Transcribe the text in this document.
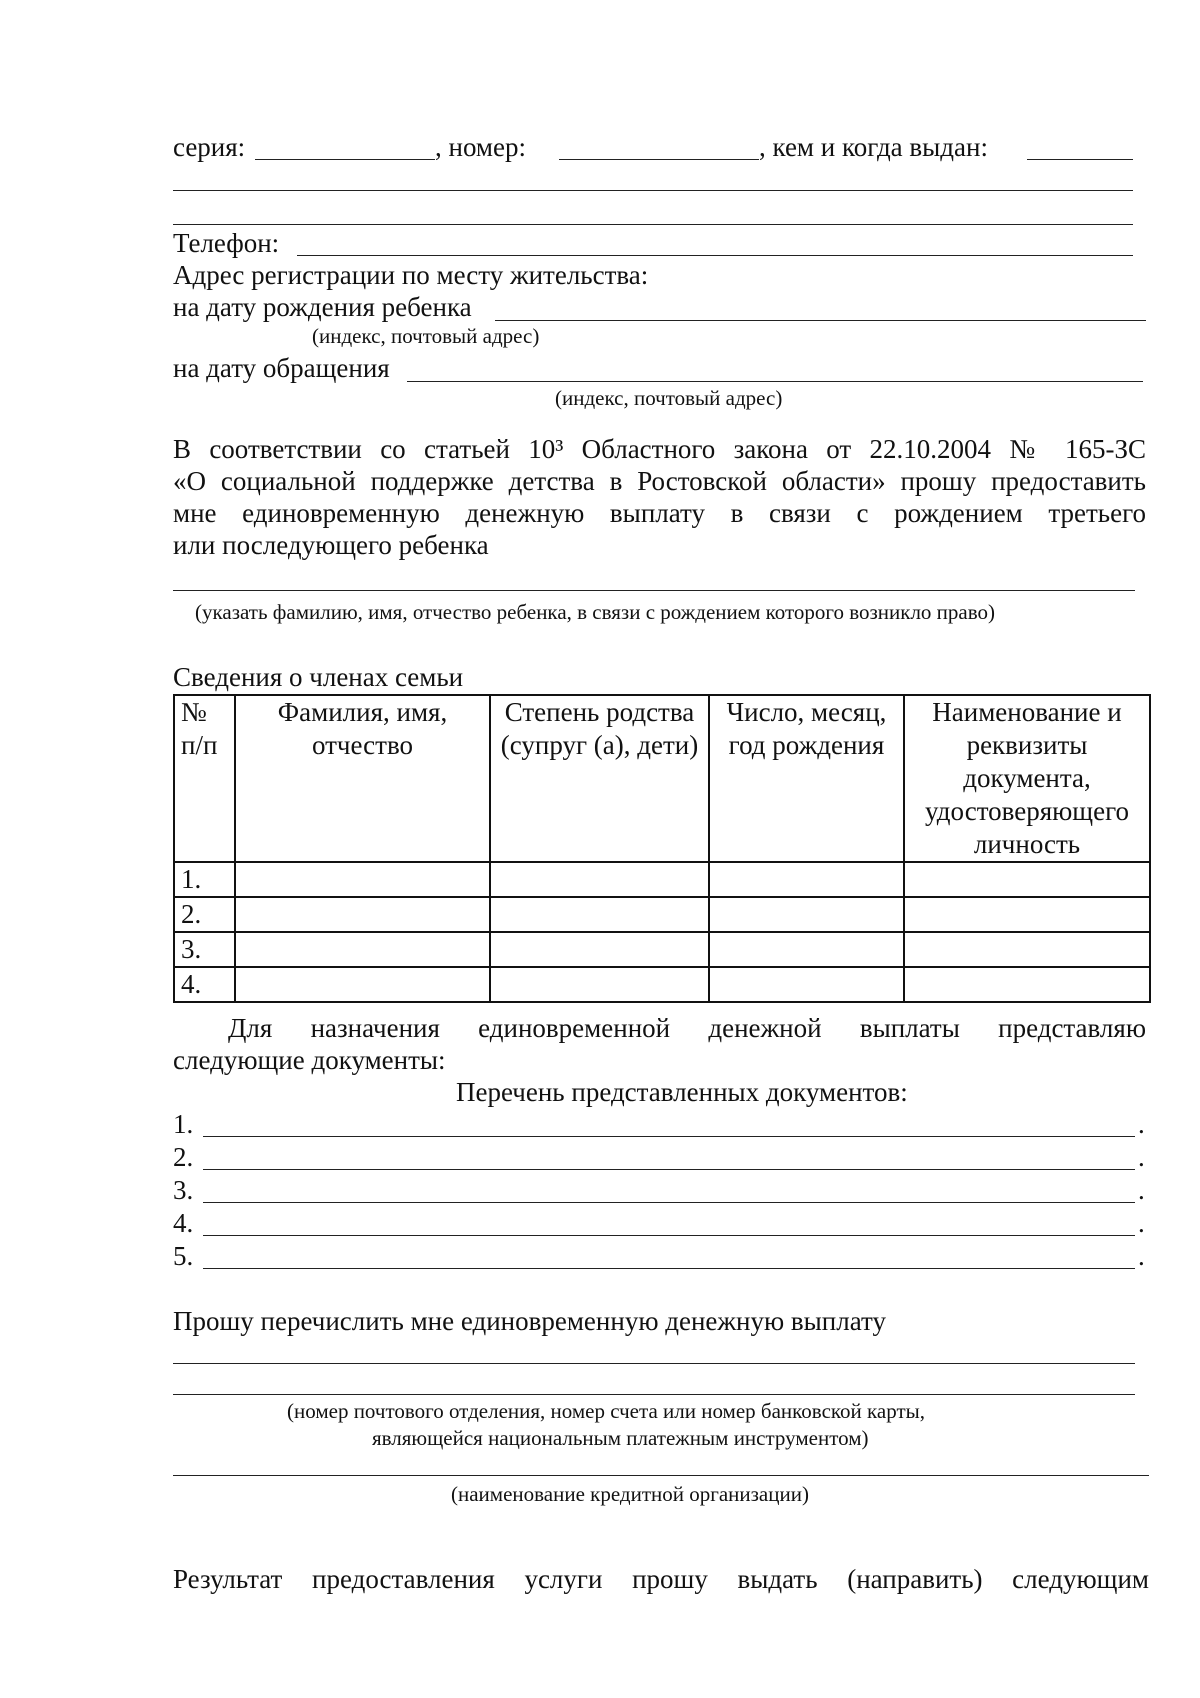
серия:	, номер:	, кем и когда выдан:
Телефон:
Адрес регистрации по месту жительства:
на дату рождения ребенка
(индекс, почтовый адрес)
на дату обращения
(индекс, почтовый адрес)
В соответствии со статьей 10³ Областного закона от 22.10.2004 № 165-ЗС
«О социальной поддержке детства в Ростовской области» прошу предоставить
мне единовременную денежную выплату в связи с рождением третьего
или последующего ребенка
(указать фамилию, имя, отчество ребенка, в связи с рождением которого возникло право)
Сведения о членах семьи
№ п/п	Фамилия, имя, отчество	Степень родства (супруг (а), дети)	Число, месяц, год рождения	Наименование и реквизиты документа, удостоверяющего личность
1.				
2.				
3.				
4.				
Для назначения единовременной денежной выплаты представляю
следующие документы:
Перечень представленных документов:
1.	.
2.	.
3.	.
4.	.
5.	.
Прошу перечислить мне единовременную денежную выплату
(номер почтового отделения, номер счета или номер банковской карты,
являющейся национальным платежным инструментом)
(наименование кредитной организации)
Результат предоставления услуги прошу выдать (направить) следующим
